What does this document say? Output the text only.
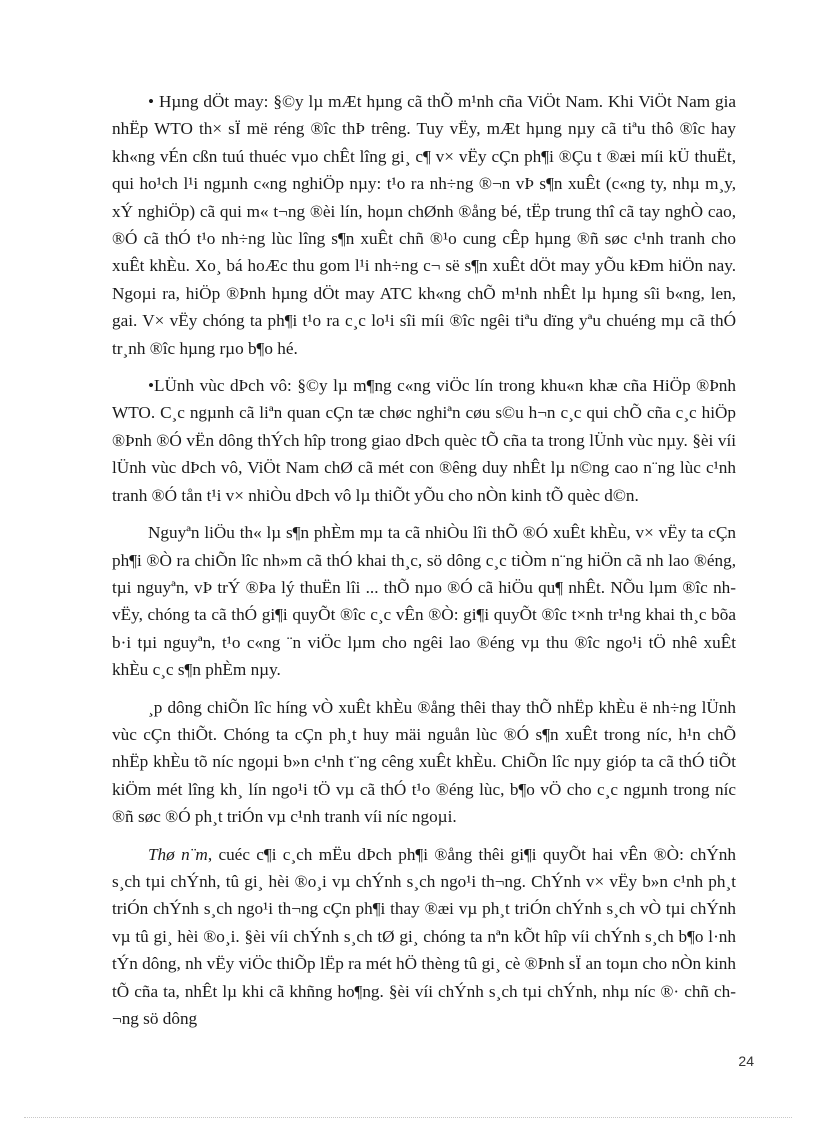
• Hµng dÖt may: §©y lµ mÆt hµng cã thÕ m¹nh cña ViÖt Nam. Khi ViÖt Nam gia nhËp WTO th× sÏ më réng ®îc thÞ trêng. Tuy vËy, mÆt hµng nµy cã tiªu thô ®îc hay kh«ng vÉn cßn tuú thuéc vµo chÊt lîng gi¸ c¶ v× vËy cÇn ph¶i ®Çu t ®æi míi kÜ thuËt, qui ho¹ch l¹i ngµnh c«ng nghiÖp nµy: t¹o ra nh÷ng ®¬n vÞ s¶n xuÊt (c«ng ty, nhµ m¸y, xÝ nghiÖp) cã qui m« t¬ng ®èi lín, hoµn chØnh ®ång bé, tËp trung thî cã tay nghÒ cao, ®Ó cã thÓ t¹o nh÷ng lùc lîng s¶n xuÊt chñ ®¹o cung cÊp hµng ®ñ søc c¹nh tranh cho xuÊt khÈu. Xo¸ bá hoÆc thu gom l¹i nh÷ng c¬ së s¶n xuÊt dÖt may yÕu kÐm hiÖn nay. Ngoµi ra, hiÖp ®Þnh hµng dÖt may ATC kh«ng chÕ m¹nh nhÊt lµ hµng sîi b«ng, len, gai. V× vËy chóng ta ph¶i t¹o ra c¸c lo¹i sîi míi ®îc ngêi tiªu dïng yªu chuéng mµ cã thÓ tr¸nh ®îc hµng rµo b¶o hé.

•LÜnh vùc dÞch vô: §©y lµ m¶ng c«ng viÖc lín trong khu«n khæ cña HiÖp ®Þnh WTO. C¸c ngµnh cã liªn quan cÇn tæ chøc nghiªn cøu s©u h¬n c¸c qui chÕ cña c¸c hiÖp ®Þnh ®Ó vËn dông thÝch hîp trong giao dÞch quèc tÕ cña ta trong lÜnh vùc nµy. §èi víi lÜnh vùc dÞch vô, ViÖt Nam chØ cã mét con ®êng duy nhÊt lµ n©ng cao n¨ng lùc c¹nh tranh ®Ó tån t¹i v× nhiÒu dÞch vô lµ thiÕt yÕu cho nÒn kinh tÕ quèc d©n.

Nguyªn liÖu th« lµ s¶n phÈm mµ ta cã nhiÒu lîi thÕ ®Ó xuÊt khÈu, v× vËy ta cÇn ph¶i ®Ò ra chiÕn lîc nh»m cã thÓ khai th¸c, sö dông c¸c tiÒm n¨ng hiÖn cã nh lao ®éng, tµi nguyªn, vÞ trÝ ®Þa lý thuËn lîi ... thÕ nµo ®Ó cã hiÖu qu¶ nhÊt. NÕu lµm ®îc nh vËy, chóng ta cã thÓ gi¶i quyÕt ®îc c¸c vÊn ®Ò: gi¶i quyÕt ®îc t×nh tr¹ng khai th¸c bõa b·i tµi nguyªn, t¹o c«ng ¨n viÖc lµm cho ngêi lao ®éng vµ thu ®îc ngo¹i tÖ nhê xuÊt khÈu c¸c s¶n phÈm nµy.

¸p dông chiÕn lîc híng vÒ xuÊt khÈu ®ång thêi thay thÕ nhËp khÈu ë nh÷ng lÜnh vùc cÇn thiÕt. Chóng ta cÇn ph¸t huy mäi nguån lùc ®Ó s¶n xuÊt trong níc, h¹n chÕ nhËp khÈu tõ níc ngoµi b»n c¹nh t¨ng cêng xuÊt khÈu. ChiÕn lîc nµy gióp ta cã thÓ tiÕt kiÖm mét lîng kh¸ lín ngo¹i tÖ vµ cã thÓ t¹o ®éng lùc, b¶o vÖ cho c¸c ngµnh trong níc ®ñ søc ®Ó ph¸t triÓn vµ c¹nh tranh víi níc ngoµi.

Thø n¨m, cuéc c¶i c¸ch mËu dÞch ph¶i ®ång thêi gi¶i quyÕt hai vÊn ®Ò: chÝnh s¸ch tµi chÝnh, tû gi¸ hèi ®o¸i vµ chÝnh s¸ch ngo¹i th¬ng. ChÝnh v× vËy b»n c¹nh ph¸t triÓn chÝnh s¸ch ngo¹i th¬ng cÇn ph¶i thay ®æi vµ ph¸t triÓn chÝnh s¸ch vÒ tµi chÝnh vµ tû gi¸ hèi ®o¸i. §èi víi chÝnh s¸ch tØ gi¸ chóng ta nªn kÕt hîp víi chÝnh s¸ch b¶o l·nh tÝn dông, nh vËy viÖc thiÕp lËp ra mét hÖ thèng tû gi¸ cè ®Þnh sÏ an toµn cho nÒn kinh tÕ cña ta, nhÊt lµ khi cã khñng ho¶ng. §èi víi chÝnh s¸ch tµi chÝnh, nhµ níc ®· chñ ch¬ng sö dông

24
